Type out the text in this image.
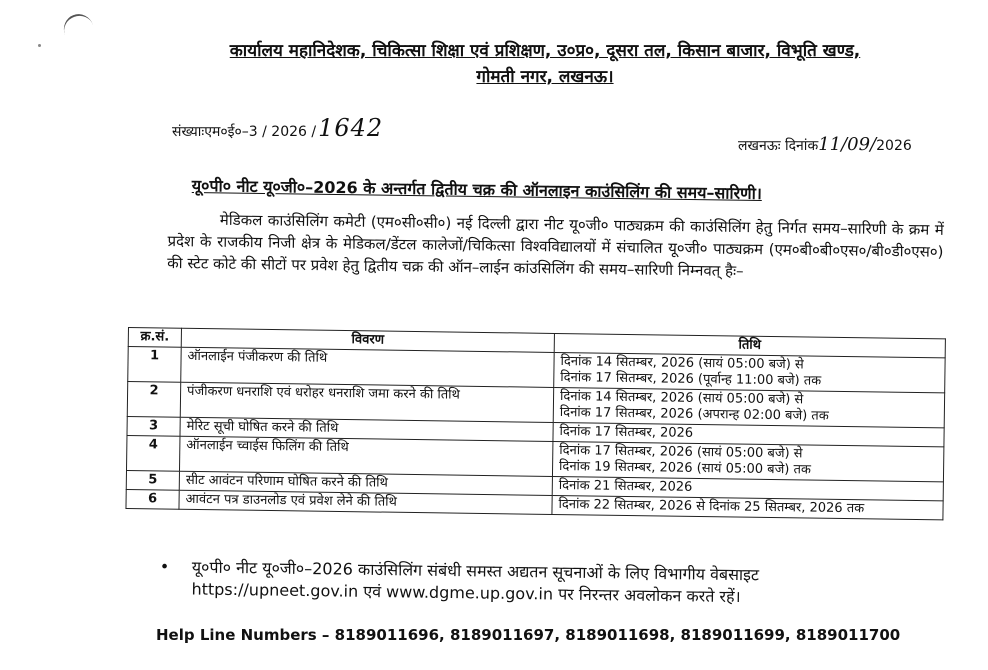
कार्यालय महानिदेशक, चिकित्सा शिक्षा एवं प्रशिक्षण, उ०प्र०, दूसरा तल, किसान बाजार, विभूति खण्ड,
गोमती नगर, लखनऊ।
संख्याःएम०ई०–3 / 2026 /1642
लखनऊः दिनांक11/09/2026
यू०पी० नीट यू०जी०–2026 के अन्तर्गत द्वितीय चक्र की ऑनलाइन काउंसिलिंग की समय–सारिणी।
मेडिकल काउंसिलिंग कमेटी (एम०सी०सी०) नई दिल्ली द्वारा नीट यू०जी० पाठ्यक्रम की काउंसिलिंग हेतु निर्गत समय–सारिणी के क्रम में प्रदेश के राजकीय निजी क्षेत्र के मेडिकल/डेंटल कालेजों/चिकित्सा विश्वविद्यालयों में संचालित यू०जी० पाठ्यक्रम (एम०बी०बी०एस०/बी०डी०एस०) की स्टेट कोटे की सीटों पर प्रवेश हेतु द्वितीय चक्र की ऑन–लाईन कांउसिलिंग की समय–सारिणी निम्नवत् हैः–
क्र.सं.	विवरण	तिथि
1	ऑनलाईन पंजीकरण की तिथि	दिनांक 14 सितम्बर, 2026 (सायं 05:00 बजे) से
दिनांक 17 सितम्बर, 2026 (पूर्वान्ह 11:00 बजे) तक

2	पंजीकरण धनराशि एवं धरोहर धनराशि जमा करने की तिथि	दिनांक 14 सितम्बर, 2026 (सायं 05:00 बजे) से
दिनांक 17 सितम्बर, 2026 (अपरान्ह 02:00 बजे) तक

3	मेरिट सूची घोषित करने की तिथि	दिनांक 17 सितम्बर, 2026

4	ऑनलाईन च्वाईस फिलिंग की तिथि	दिनांक 17 सितम्बर, 2026 (सायं 05:00 बजे) से
दिनांक 19 सितम्बर, 2026 (सायं 05:00 बजे) तक

5	सीट आवंटन परिणाम घोषित करने की तिथि	दिनांक 21 सितम्बर, 2026

6	आवंटन पत्र डाउनलोड एवं प्रवेश लेने की तिथि	दिनांक 22 सितम्बर, 2026 से दिनांक 25 सितम्बर, 2026 तक
• यू०पी० नीट यू०जी०–2026 काउंसिलिंग संबंधी समस्त अद्यतन सूचनाओं के लिए विभागीय वेबसाइट
https://upneet.gov.in एवं www.dgme.up.gov.in पर निरन्तर अवलोकन करते रहें।
Help Line Numbers – 8189011696, 8189011697, 8189011698, 8189011699, 8189011700
